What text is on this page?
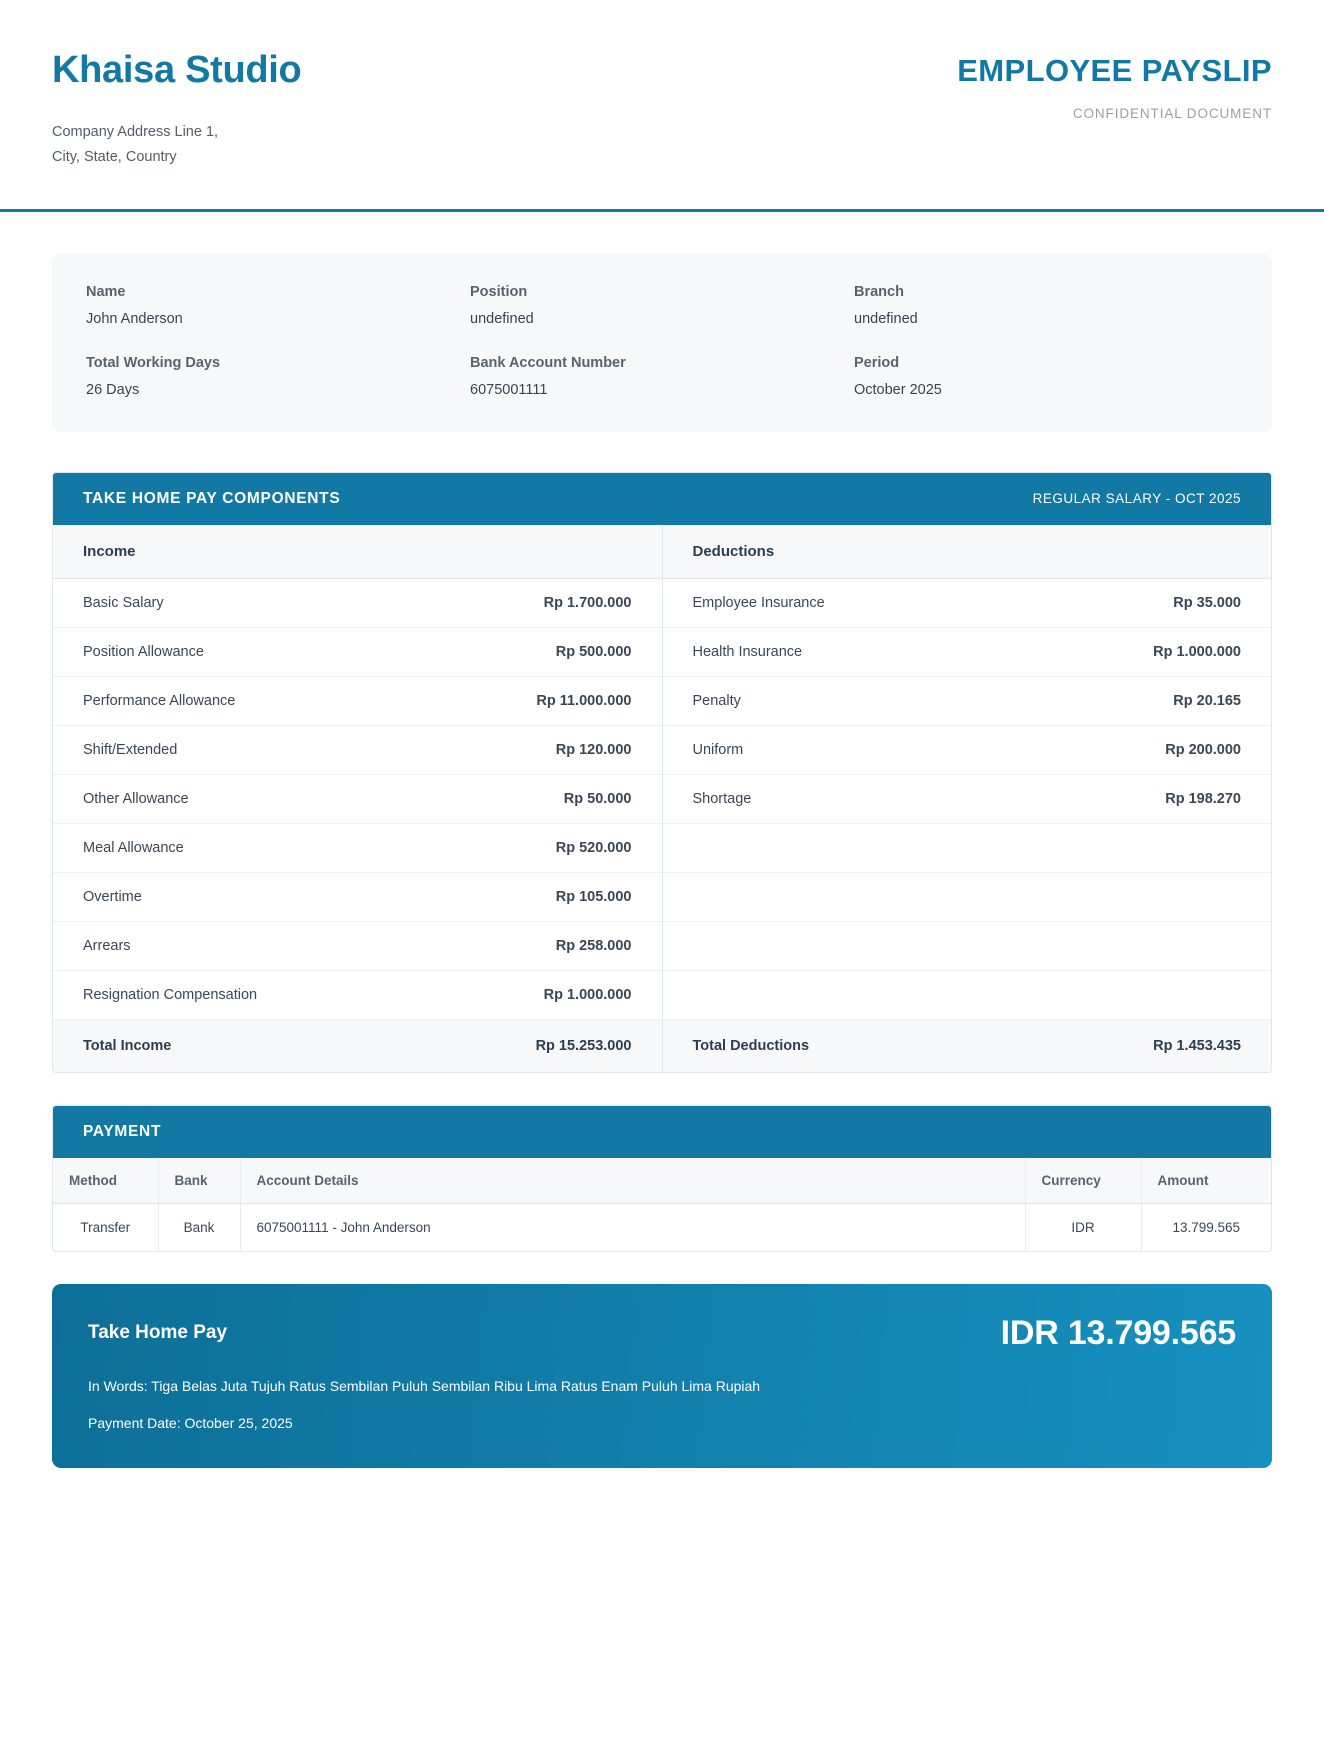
Khaisa Studio
Company Address Line 1,
City, State, Country
EMPLOYEE PAYSLIP
CONFIDENTIAL DOCUMENT
Name
John Anderson
Position
undefined
Branch
undefined
Total Working Days
26 Days
Bank Account Number
6075001111
Period
October 2025
TAKE HOME PAY COMPONENTS	REGULAR SALARY - OCT 2025
Income		Deductions	
Basic Salary	Rp 1.700.000	Employee Insurance	Rp 35.000
Position Allowance	Rp 500.000	Health Insurance	Rp 1.000.000
Performance Allowance	Rp 11.000.000	Penalty	Rp 20.165
Shift/Extended	Rp 120.000	Uniform	Rp 200.000
Other Allowance	Rp 50.000	Shortage	Rp 198.270
Meal Allowance	Rp 520.000		
Overtime	Rp 105.000		
Arrears	Rp 258.000		
Resignation Compensation	Rp 1.000.000		
Total Income	Rp 15.253.000	Total Deductions	Rp 1.453.435
PAYMENT
Method	Bank	Account Details	Currency	Amount
Transfer	Bank	6075001111 - John Anderson	IDR	13.799.565
Take Home Pay	IDR 13.799.565
In Words: Tiga Belas Juta Tujuh Ratus Sembilan Puluh Sembilan Ribu Lima Ratus Enam Puluh Lima Rupiah
Payment Date: October 25, 2025
